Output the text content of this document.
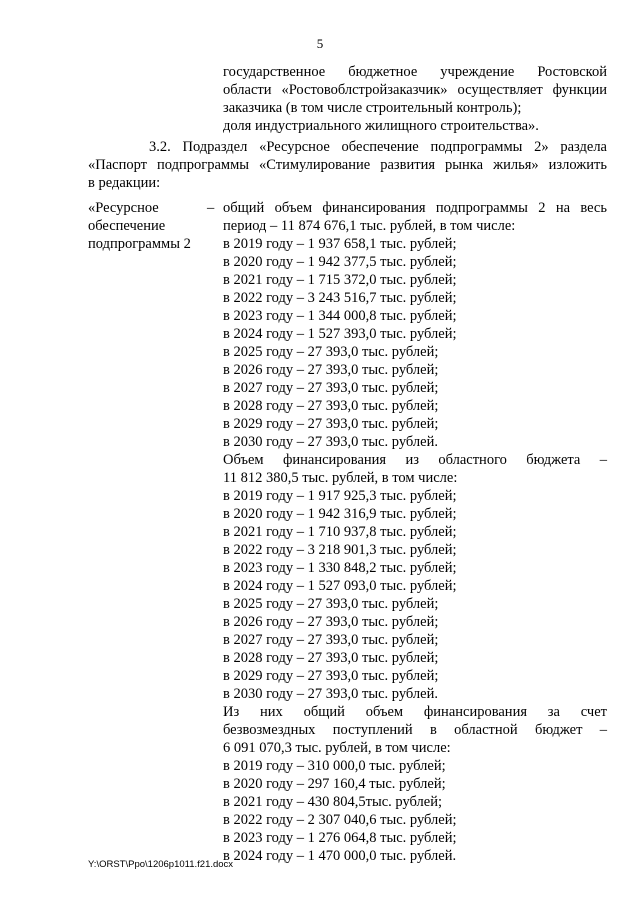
5
государственное бюджетное учреждение Ростовской
области «Ростовоблстройзаказчик» осуществляет функции
заказчика (в том числе строительный контроль);
доля индустриального жилищного строительства».
3.2. Подраздел «Ресурсное обеспечение подпрограммы 2» раздела
«Паспорт подпрограммы «Стимулирование развития рынка жилья» изложить
в редакции:
«Ресурсное	–
обеспечение
подпрограммы 2
общий объем финансирования подпрограммы 2 на весь
период – 11 874 676,1 тыс. рублей, в том числе:
в 2019 году – 1 937 658,1 тыс. рублей;
в 2020 году – 1 942 377,5 тыс. рублей;
в 2021 году – 1 715 372,0 тыс. рублей;
в 2022 году – 3 243 516,7 тыс. рублей;
в 2023 году – 1 344 000,8 тыс. рублей;
в 2024 году – 1 527 393,0 тыс. рублей;
в 2025 году – 27 393,0 тыс. рублей;
в 2026 году – 27 393,0 тыс. рублей;
в 2027 году – 27 393,0 тыс. рублей;
в 2028 году – 27 393,0 тыс. рублей;
в 2029 году – 27 393,0 тыс. рублей;
в 2030 году – 27 393,0 тыс. рублей.
в 2019 году – 1 917 925,3 тыс. рублей;
в 2020 году – 1 942 316,9 тыс. рублей;
в 2021 году – 1 710 937,8 тыс. рублей;
в 2022 году – 3 218 901,3 тыс. рублей;
в 2023 году – 1 330 848,2 тыс. рублей;
в 2024 году – 1 527 093,0 тыс. рублей;
в 2025 году – 27 393,0 тыс. рублей;
в 2026 году – 27 393,0 тыс. рублей;
в 2027 году – 27 393,0 тыс. рублей;
в 2028 году – 27 393,0 тыс. рублей;
в 2029 году – 27 393,0 тыс. рублей;
в 2030 году – 27 393,0 тыс. рублей.
в 2019 году – 310 000,0 тыс. рублей;
в 2020 году – 297 160,4 тыс. рублей;
в 2021 году – 430 804,5тыс. рублей;
в 2022 году – 2 307 040,6 тыс. рублей;
в 2023 году – 1 276 064,8 тыс. рублей;
в 2024 году – 1 470 000,0 тыс. рублей.
Объем финансирования из областного бюджета –
11 812 380,5 тыс. рублей, в том числе:
Из них общий объем финансирования за счет
безвозмездных поступлений в областной бюджет –
6 091 070,3 тыс. рублей, в том числе:
Y:\ORST\Ppo\1206p1011.f21.docx
